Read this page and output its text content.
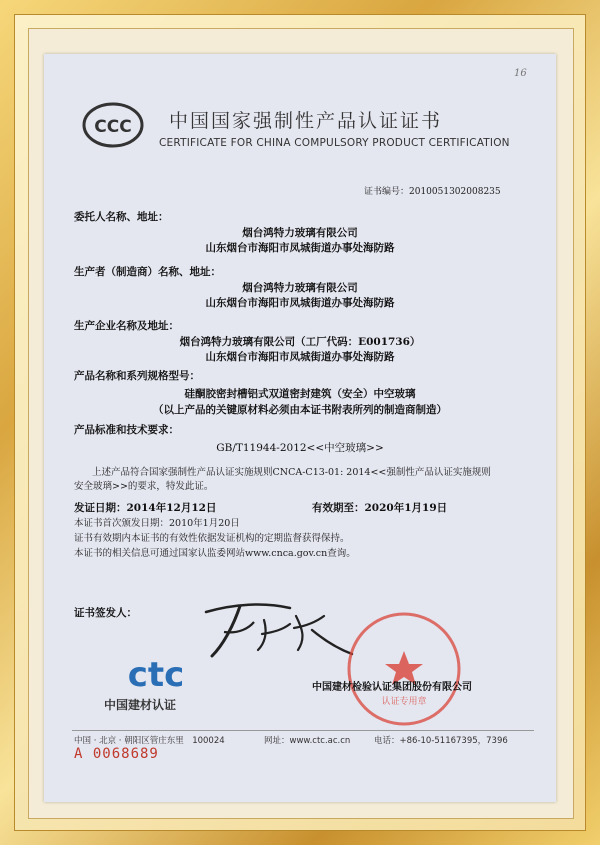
16
CCC 中国国家强制性产品认证证书
CERTIFICATE FOR CHINA COMPULSORY PRODUCT CERTIFICATION
证书编号：2010051302008235
委托人名称、地址：
烟台鸿特力玻璃有限公司
山东烟台市海阳市凤城街道办事处海防路
生产者（制造商）名称、地址：
烟台鸿特力玻璃有限公司
山东烟台市海阳市凤城街道办事处海防路
生产企业名称及地址：
烟台鸿特力玻璃有限公司（工厂代码：E001736）
山东烟台市海阳市凤城街道办事处海防路
产品名称和系列规格型号：
硅酮胶密封槽铝式双道密封建筑（安全）中空玻璃
（以上产品的关键原材料必须由本证书附表所列的制造商制造）
产品标准和技术要求：
GB/T11944-2012<<中空玻璃>>
上述产品符合国家强制性产品认证实施规则CNCA-C13-01: 2014<<强制性产品认证实施规则
安全玻璃>>的要求，特发此证。
发证日期：2014年12月12日	有效期至：2020年1月19日
本证书首次颁发日期：2010年1月20日
证书有效期内本证书的有效性依据发证机构的定期监督获得保持。
本证书的相关信息可通过国家认监委网站www.cnca.gov.cn查询。
证书签发人：
ctc
中国建材认证	认证专用章
中国建材检验认证集团股份有限公司
中国 · 北京 · 朝阳区管庄东里　100024	网址：www.ctc.ac.cn	电话：+86-10-51167395，7396
A 0068689
